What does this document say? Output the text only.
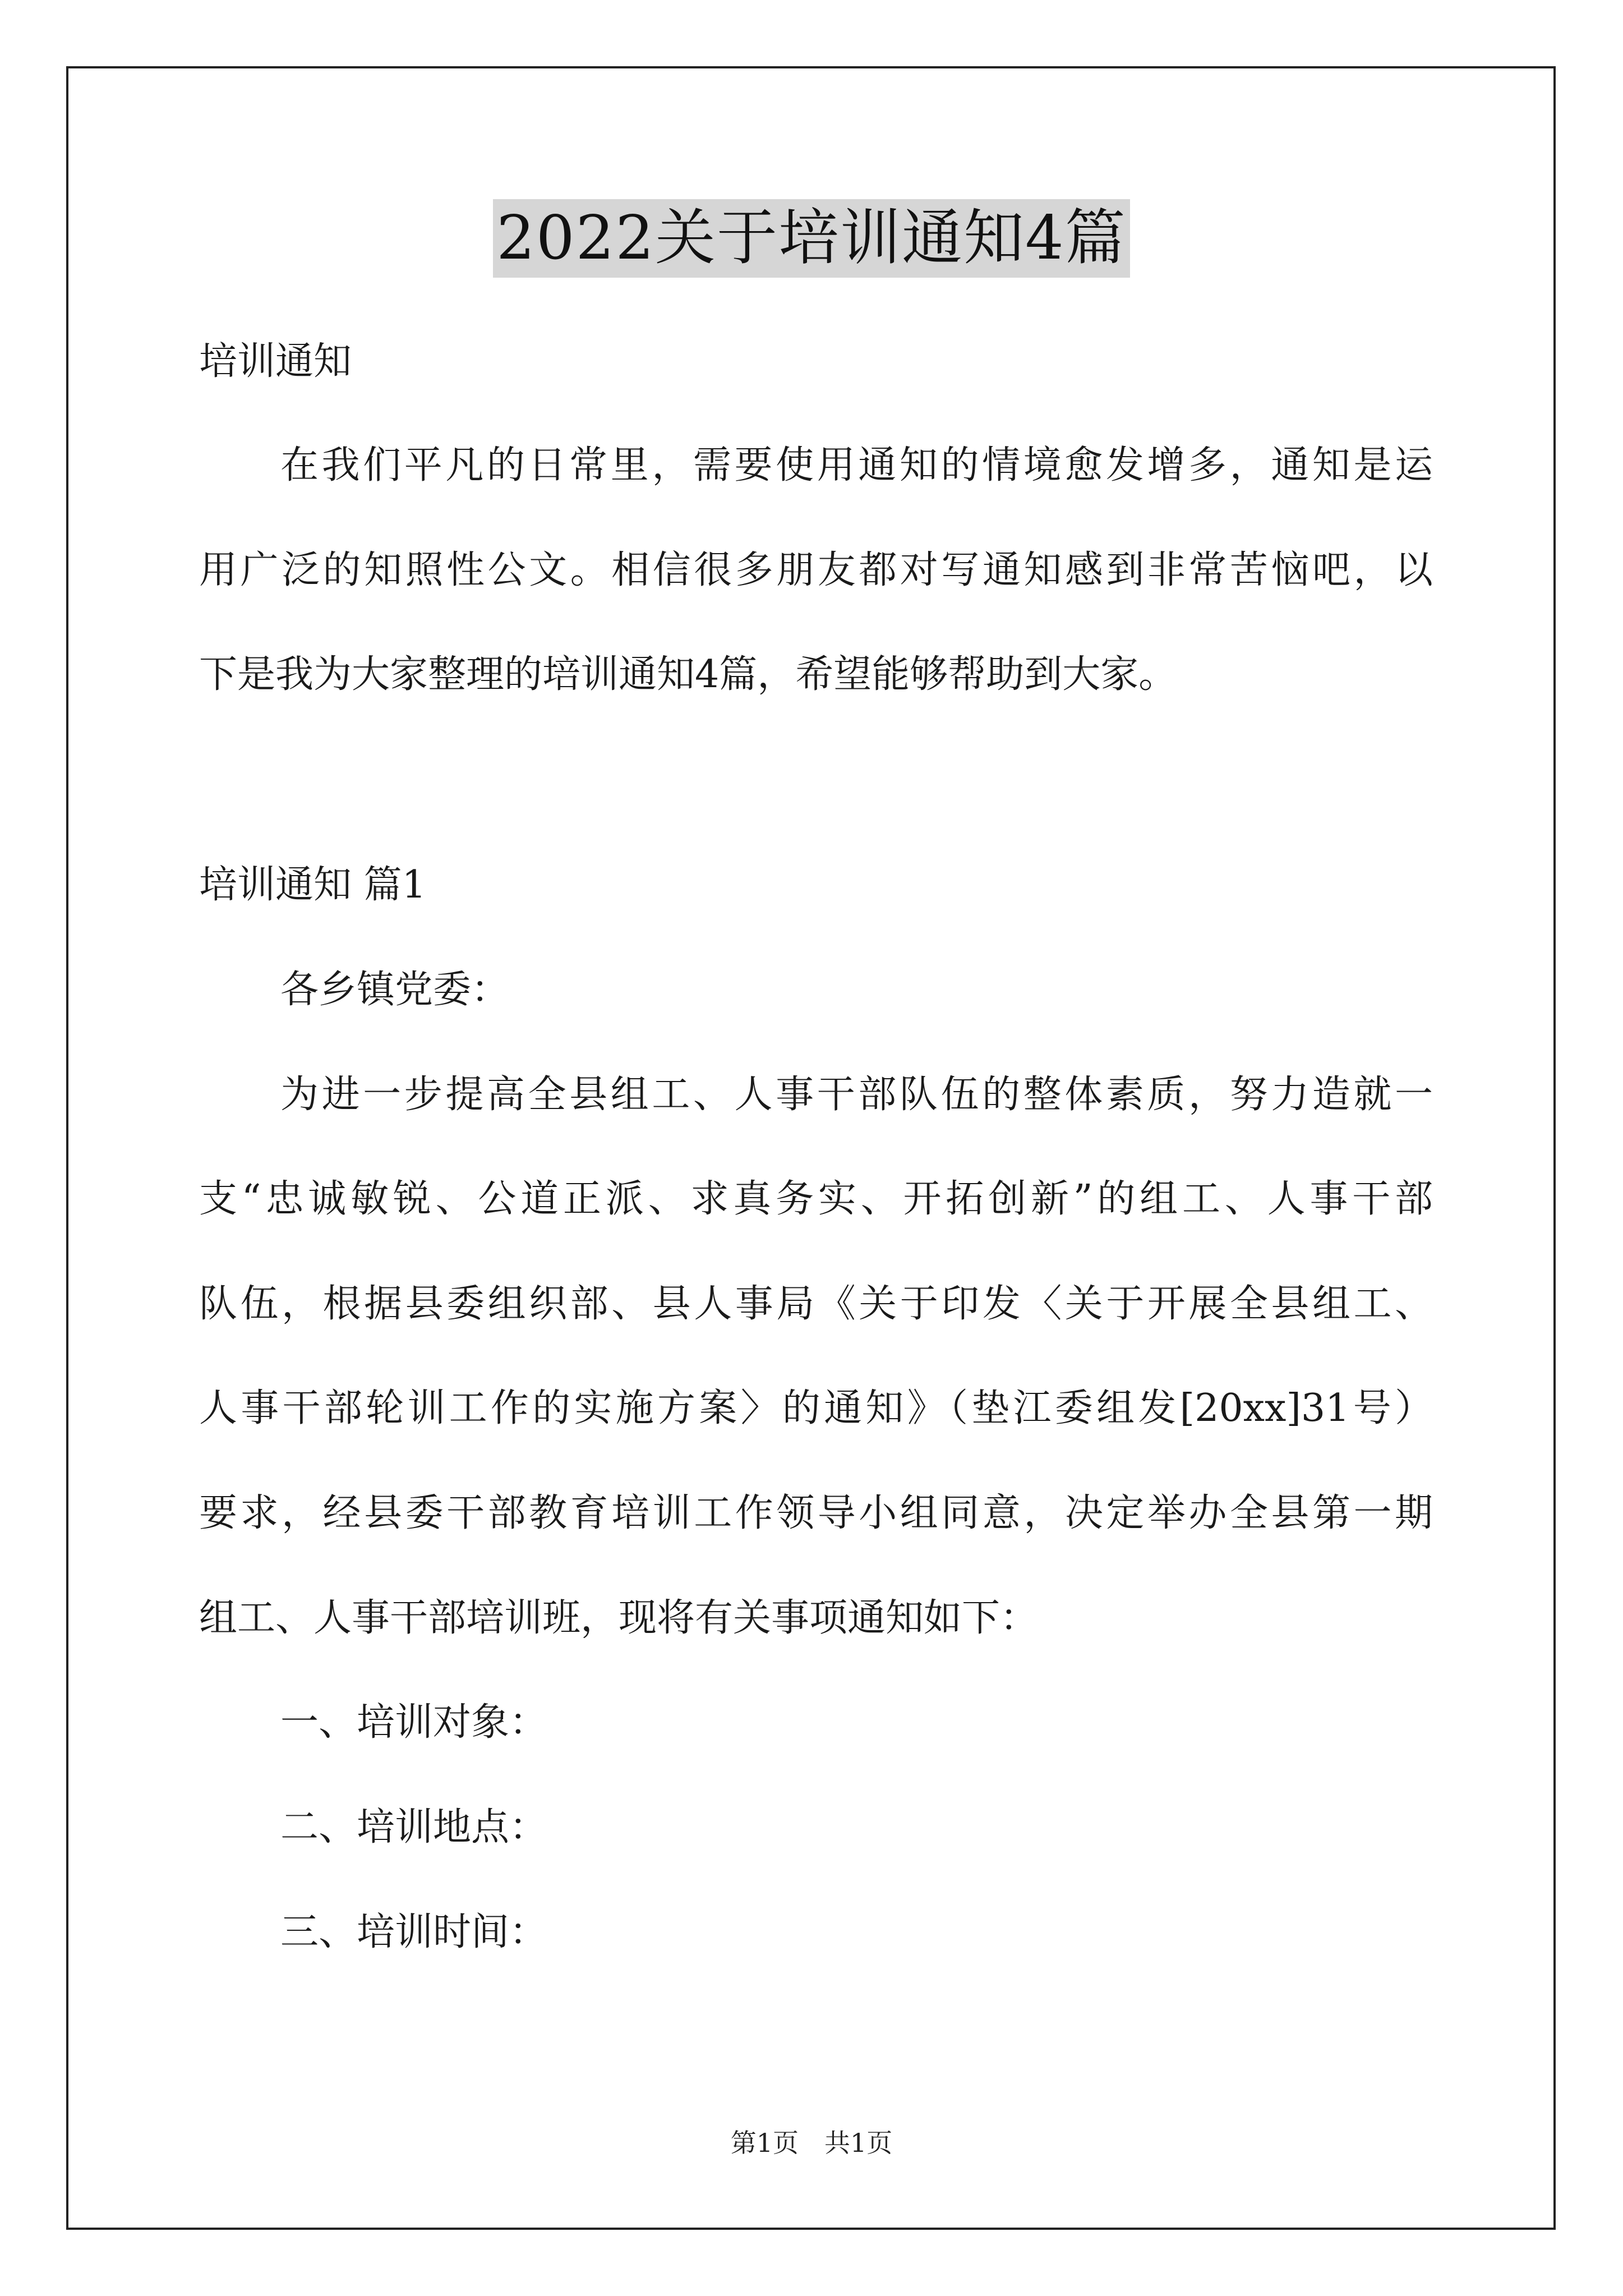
2022关于培训通知4篇

培训通知

在我们平凡的日常里，需要使用通知的情境愈发增多，通知是运

用广泛的知照性公文。相信很多朋友都对写通知感到非常苦恼吧，以

下是我为大家整理的培训通知4篇，希望能够帮助到大家。

培训通知 篇1

各乡镇党委：

为进一步提高全县组工、人事干部队伍的整体素质，努力造就一

支“忠诚敏锐、公道正派、求真务实、开拓创新”的组工、人事干部

队伍，根据县委组织部、县人事局《关于印发〈关于开展全县组工、

人事干部轮训工作的实施方案〉的通知》（垫江委组发[20xx]31号）

要求，经县委干部教育培训工作领导小组同意，决定举办全县第一期

组工、人事干部培训班，现将有关事项通知如下：

一、培训对象：

二、培训地点：

三、培训时间：

第1页　共1页
